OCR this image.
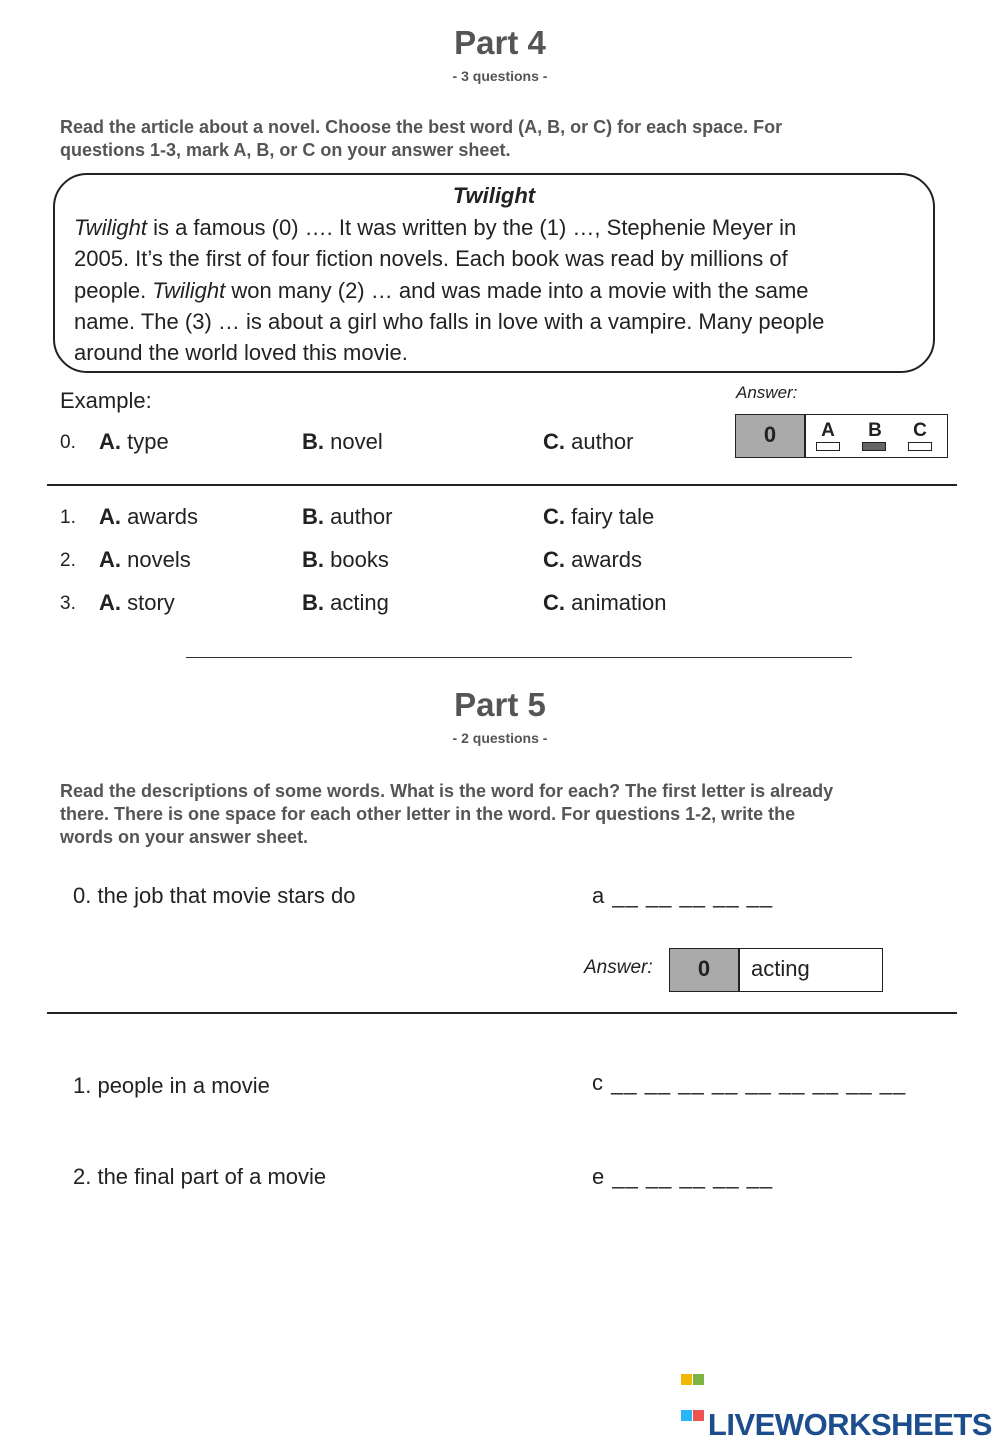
Part 4
- 3 questions -
Read the article about a novel. Choose the best word (A, B, or C) for each space. For
questions 1-3, mark A, B, or C on your answer sheet.
Twilight
Twilight is a famous (0) …. It was written by the (1) …, Stephenie Meyer in
2005. It’s the first of four fiction novels. Each book was read by millions of
people. Twilight won many (2) … and was made into a movie with the same
name. The (3) … is about a girl who falls in love with a vampire. Many people
around the world loved this movie.
Example:	Answer:
0. A. type	B. novel	C. author	0	A B C
1. A. awards	B. author	C. fairy tale
2. A. novels	B. books	C. awards
3. A. story	B. acting	C. animation
Part 5
- 2 questions -
Read the descriptions of some words. What is the word for each? The first letter is already
there. There is one space for each other letter in the word. For questions 1-2, write the
words on your answer sheet.
0. the job that movie stars do	a __ __ __ __ __
Answer:	0	acting
1. people in a movie	c __ __ __ __ __ __ __ __ __
2. the final part of a movie	e __ __ __ __ __

LIVEWORKSHEETS
